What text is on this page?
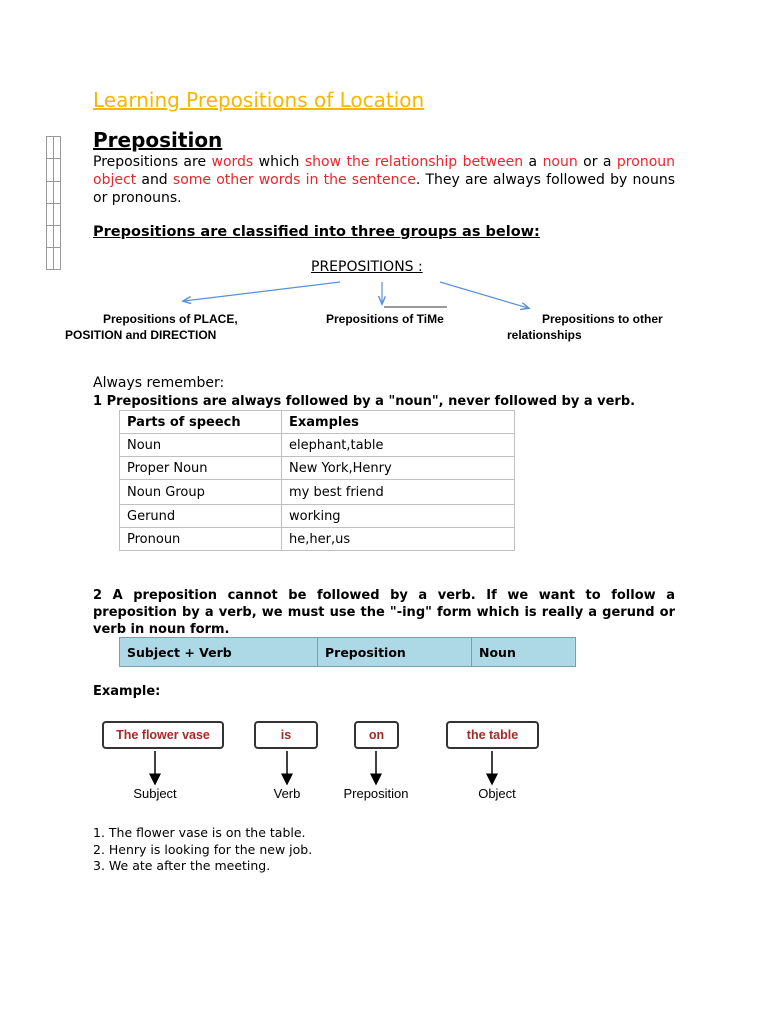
Learning Prepositions of Location
Preposition
Prepositions are words which show the relationship between a noun or a pronoun object and some other words in the sentence. They are always followed by nouns or pronouns.
Prepositions are classified into three groups as below:
PREPOSITIONS :
Prepositions of PLACE,
POSITION and DIRECTION
Prepositions of TiMe	Prepositions to other
relationships
Always remember:
1 Prepositions are always followed by a "noun", never followed by a verb.
Parts of speech	Examples
Noun	elephant,table
Proper Noun	New York,Henry
Noun Group	my best friend
Gerund	working
Pronoun	he,her,us
2 A preposition cannot be followed by a verb. If we want to follow a preposition by a verb, we must use the "-ing" form which is really a gerund or verb in noun form.
Subject + Verb	Preposition	Noun
Example:
The flower vase	is	on	the table
Subject	Verb	Preposition	Object
1. The flower vase is on the table.
2. Henry is looking for the new job.
3. We ate after the meeting.
